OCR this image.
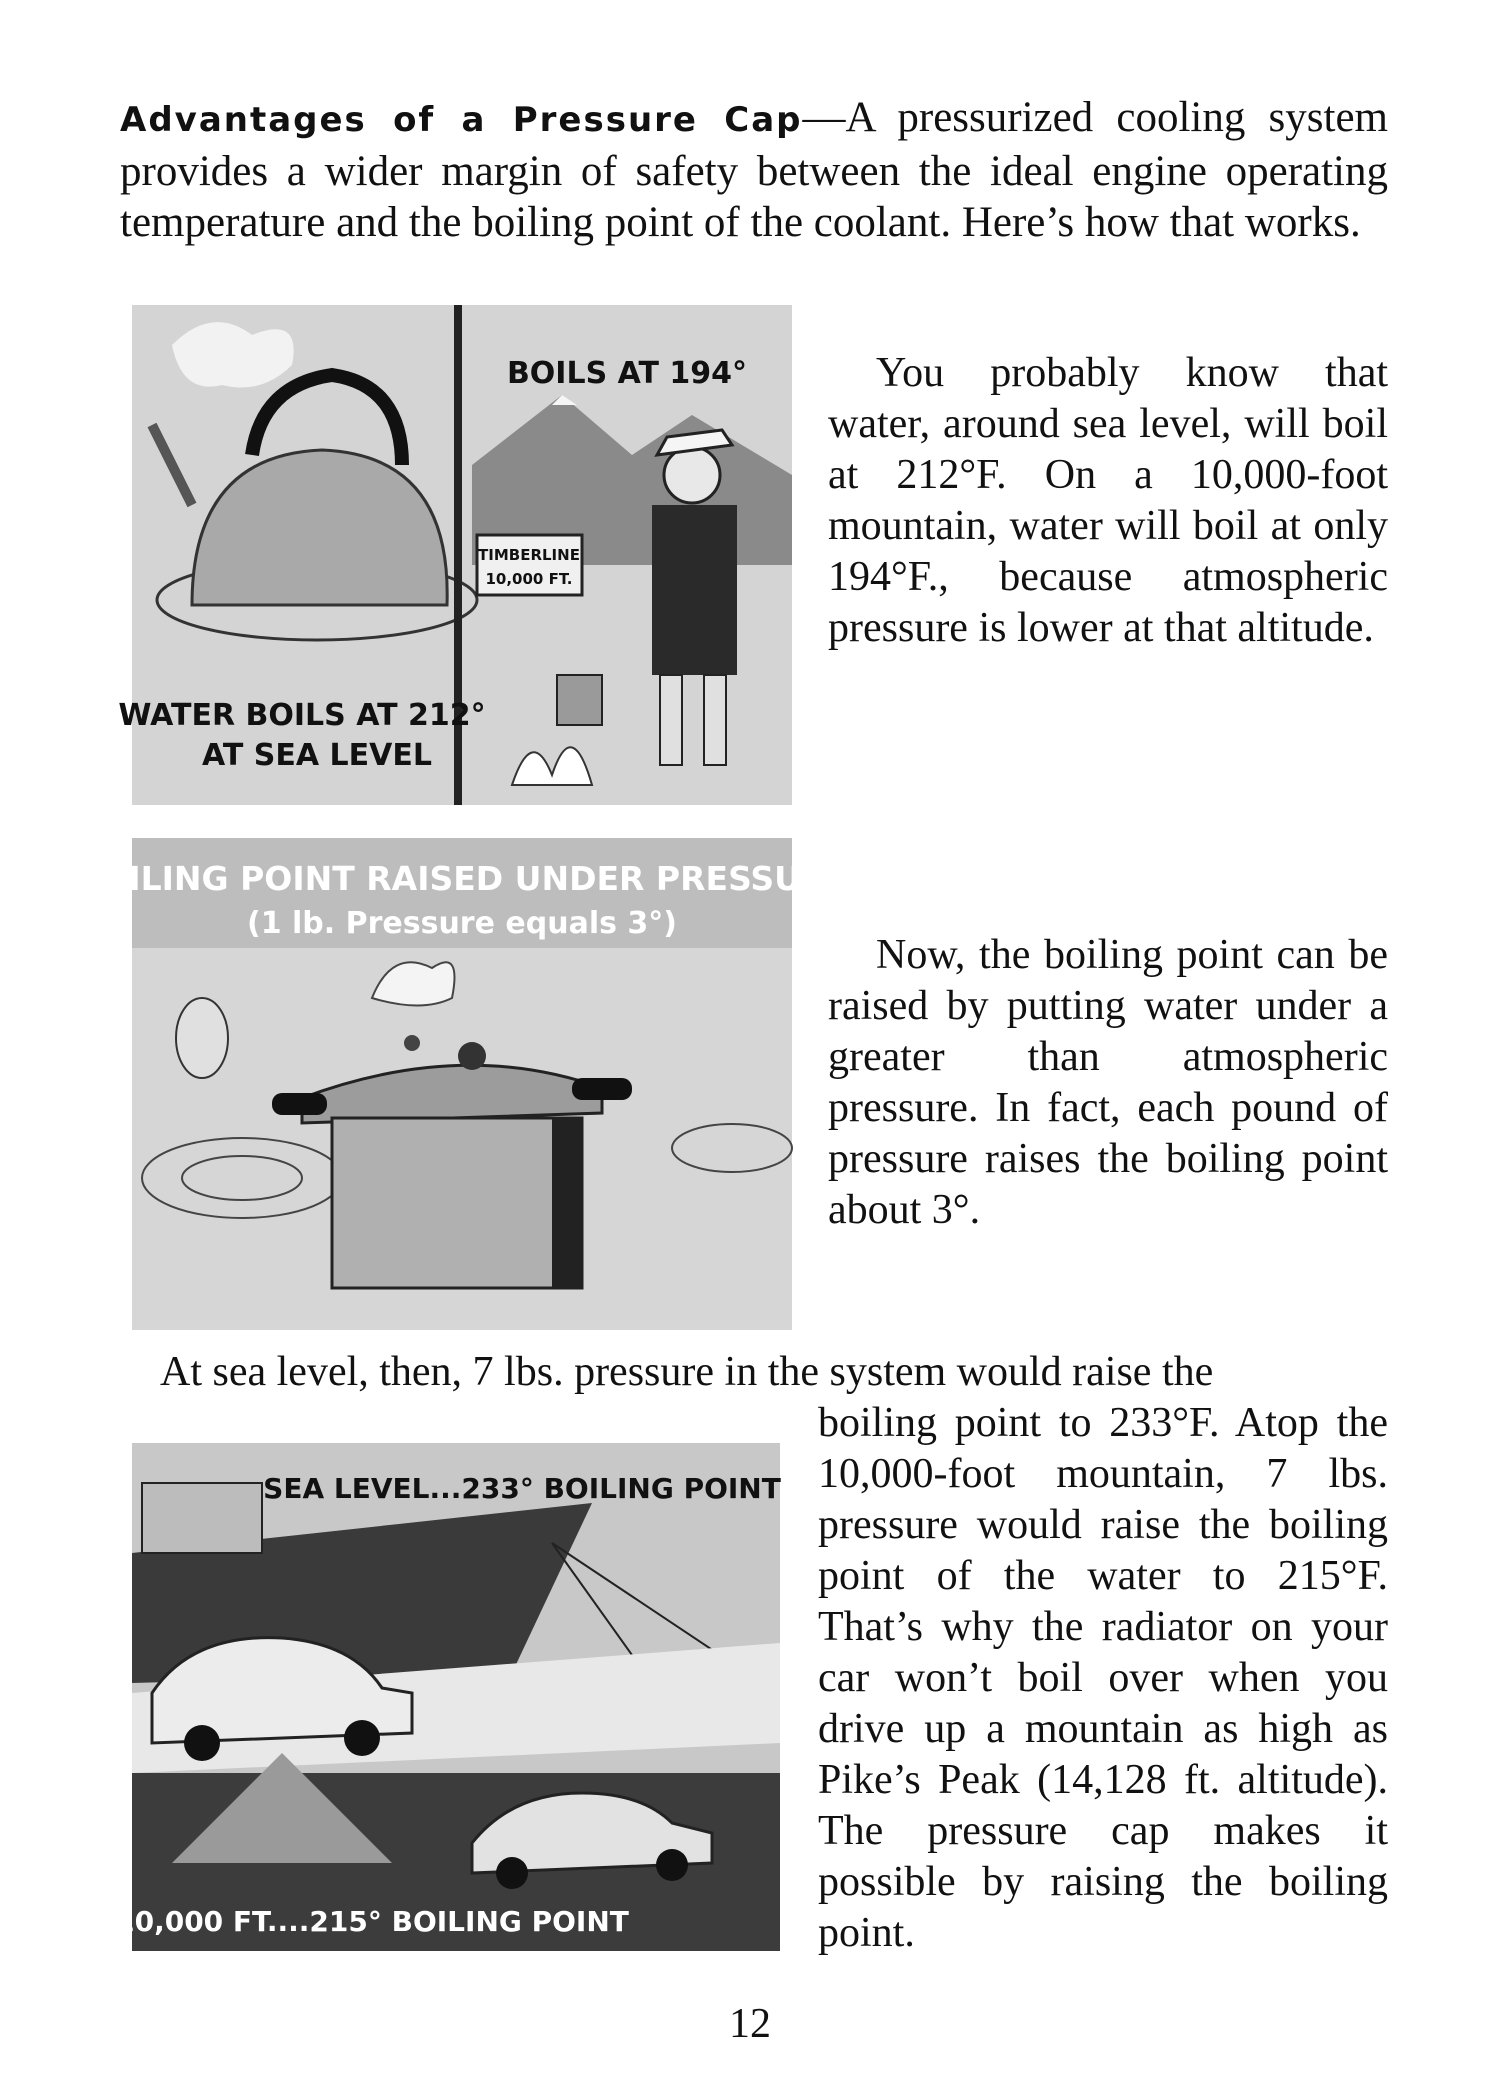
Advantages of a Pressure Cap—A pressurized cooling system provides a wider margin of safety between the ideal engine operating temperature and the boiling point of the coolant. Here’s how that works.

TIMBERLINE
10,000 FT.
BOILS AT 194°
WATER BOILS AT 212°
AT SEA LEVEL

You probably know that water, around sea level, will boil at 212°F. On a 10,000-foot mountain, water will boil at only 194°F., because atmospheric pressure is lower at that altitude.

BOILING POINT RAISED UNDER PRESSURE
(1 lb. Pressure equals 3°)

Now, the boiling point can be raised by putting water under a greater than atmospheric pressure. In fact, each pound of pressure raises the boiling point about 3°.

At sea level, then, 7 lbs. pressure in the system would raise the

SEA LEVEL...233° BOILING POINT
10,000 FT....215° BOILING POINT

boiling point to 233°F. Atop the 10,000-foot mountain, 7 lbs. pressure would raise the boiling point of the water to 215°F. That’s why the radiator on your car won’t boil over when you drive up a mountain as high as Pike’s Peak (14,128 ft. altitude). The pressure cap makes it possible by raising the boiling point.

12
